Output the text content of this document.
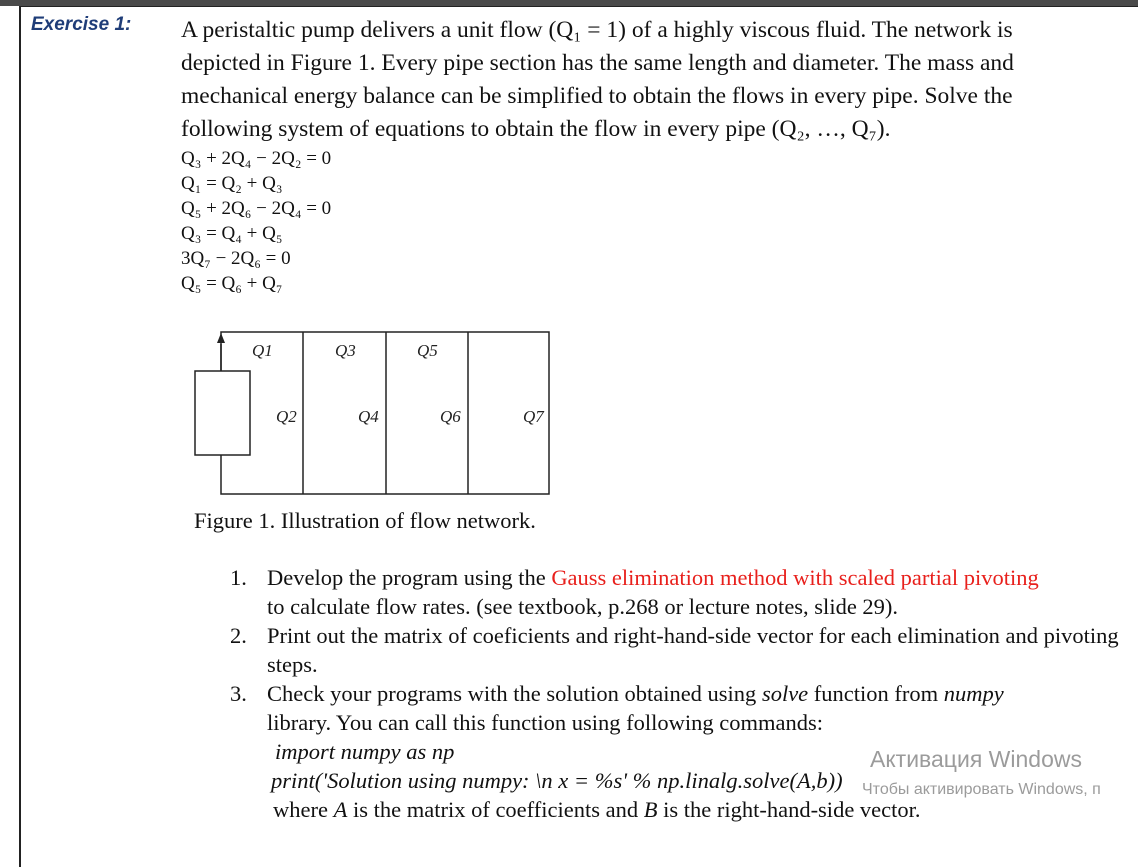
Exercise 1: A peristaltic pump delivers a unit flow (Q₁ = 1) of a highly viscous fluid. The network is
depicted in Figure 1. Every pipe section has the same length and diameter. The mass and
mechanical energy balance can be simplified to obtain the flows in every pipe. Solve the
following system of equations to obtain the flow in every pipe (Q₂, …, Q₇).
Q₃ + 2Q₄ − 2Q₂ = 0
Q₁ = Q₂ + Q₃
Q₅ + 2Q₆ − 2Q₄ = 0
Q₃ = Q₄ + Q₅
3Q₇ − 2Q₆ = 0
Q₅ = Q₆ + Q₇
Q1	Q3	Q5
Q2	Q4	Q6	Q7
Figure 1. Illustration of flow network.
1. Develop the program using the Gauss elimination method with scaled partial pivoting
to calculate flow rates. (see textbook, p.268 or lecture notes, slide 29).
2. Print out the matrix of coeficients and right-hand-side vector for each elimination and pivoting steps.
3. Check your programs with the solution obtained using solve function from numpy
library. You can call this function using following commands:
import numpy as np
print('Solution using numpy: \n x = %s' % np.linalg.solve(A,b))
where A is the matrix of coefficients and B is the right-hand-side vector.
Активация Windows
Чтобы активировать Windows, п
